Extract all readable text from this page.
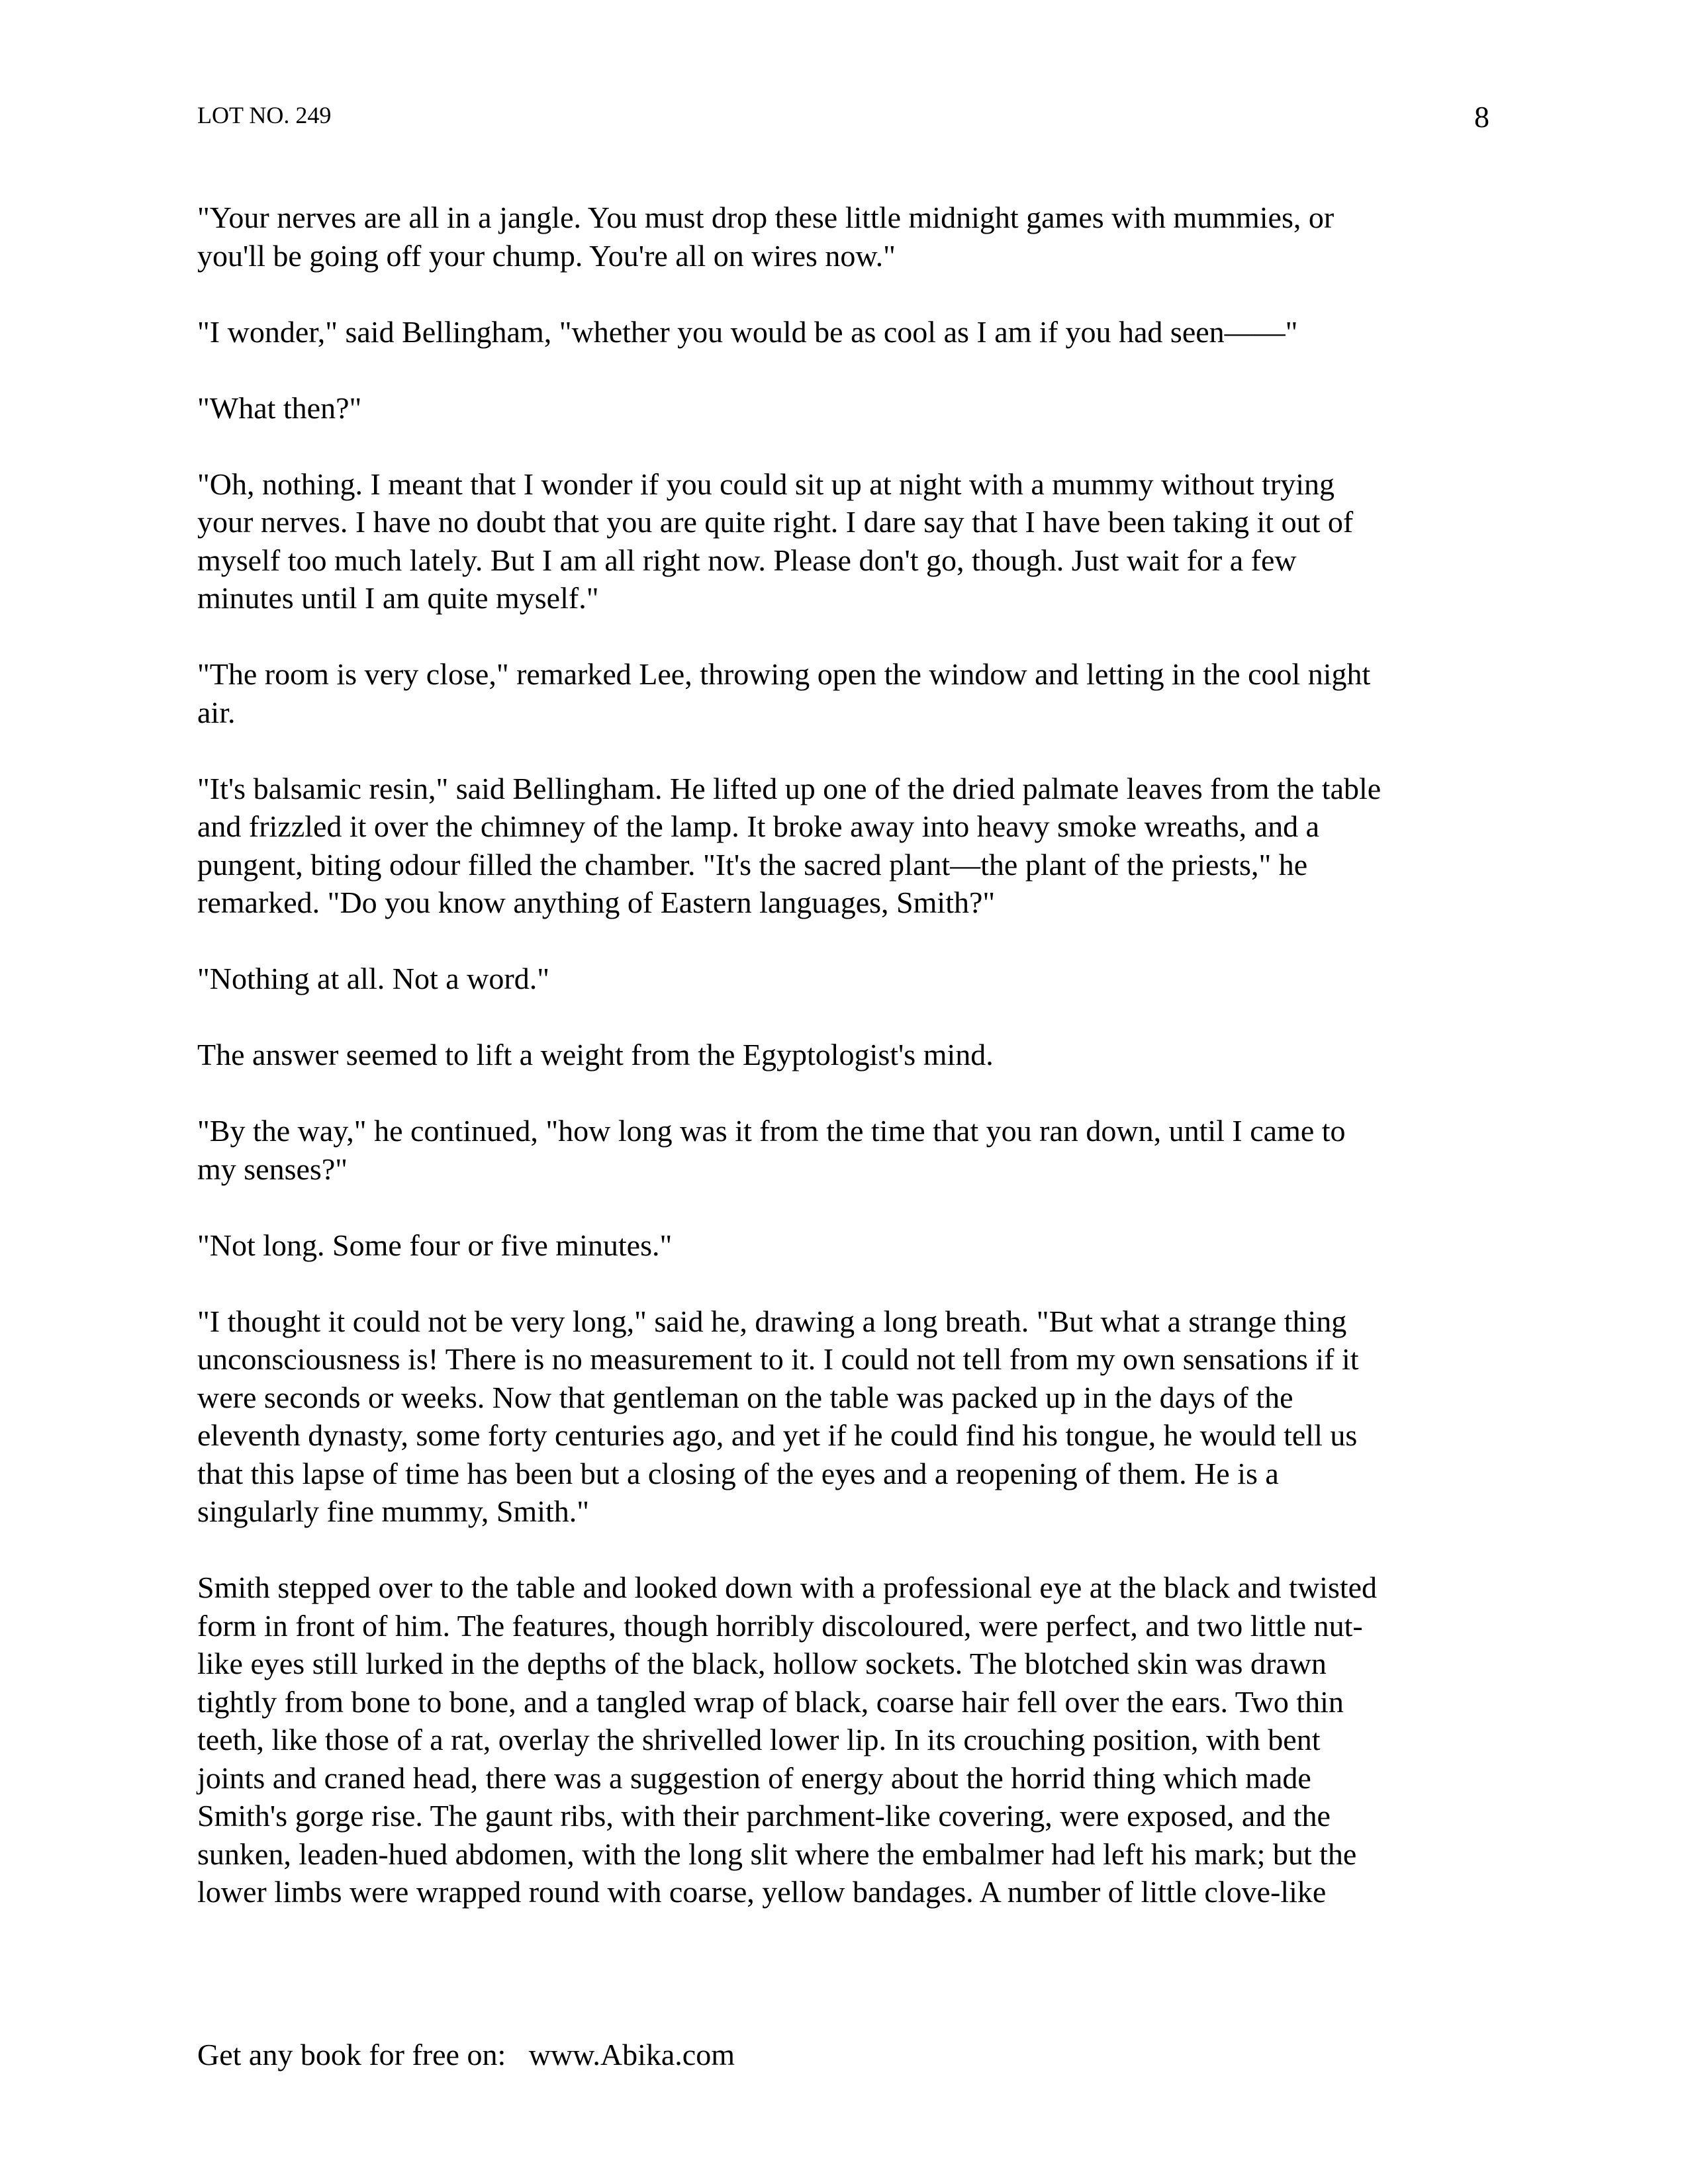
LOT NO. 249	8

"Your nerves are all in a jangle. You must drop these little midnight games with mummies, or
you'll be going off your chump. You're all on wires now."

"I wonder," said Bellingham, "whether you would be as cool as I am if you had seen——"

"What then?"

"Oh, nothing. I meant that I wonder if you could sit up at night with a mummy without trying
your nerves. I have no doubt that you are quite right. I dare say that I have been taking it out of
myself too much lately. But I am all right now. Please don't go, though. Just wait for a few
minutes until I am quite myself."

"The room is very close," remarked Lee, throwing open the window and letting in the cool night
air.

"It's balsamic resin," said Bellingham. He lifted up one of the dried palmate leaves from the table
and frizzled it over the chimney of the lamp. It broke away into heavy smoke wreaths, and a
pungent, biting odour filled the chamber. "It's the sacred plant—the plant of the priests," he
remarked. "Do you know anything of Eastern languages, Smith?"

"Nothing at all. Not a word."

The answer seemed to lift a weight from the Egyptologist's mind.

"By the way," he continued, "how long was it from the time that you ran down, until I came to
my senses?"

"Not long. Some four or five minutes."

"I thought it could not be very long," said he, drawing a long breath. "But what a strange thing
unconsciousness is! There is no measurement to it. I could not tell from my own sensations if it
were seconds or weeks. Now that gentleman on the table was packed up in the days of the
eleventh dynasty, some forty centuries ago, and yet if he could find his tongue, he would tell us
that this lapse of time has been but a closing of the eyes and a reopening of them. He is a
singularly fine mummy, Smith."

Smith stepped over to the table and looked down with a professional eye at the black and twisted
form in front of him. The features, though horribly discoloured, were perfect, and two little nut-
like eyes still lurked in the depths of the black, hollow sockets. The blotched skin was drawn
tightly from bone to bone, and a tangled wrap of black, coarse hair fell over the ears. Two thin
teeth, like those of a rat, overlay the shrivelled lower lip. In its crouching position, with bent
joints and craned head, there was a suggestion of energy about the horrid thing which made
Smith's gorge rise. The gaunt ribs, with their parchment-like covering, were exposed, and the
sunken, leaden-hued abdomen, with the long slit where the embalmer had left his mark; but the
lower limbs were wrapped round with coarse, yellow bandages. A number of little clove-like

Get any book for free on:   www.Abika.com
